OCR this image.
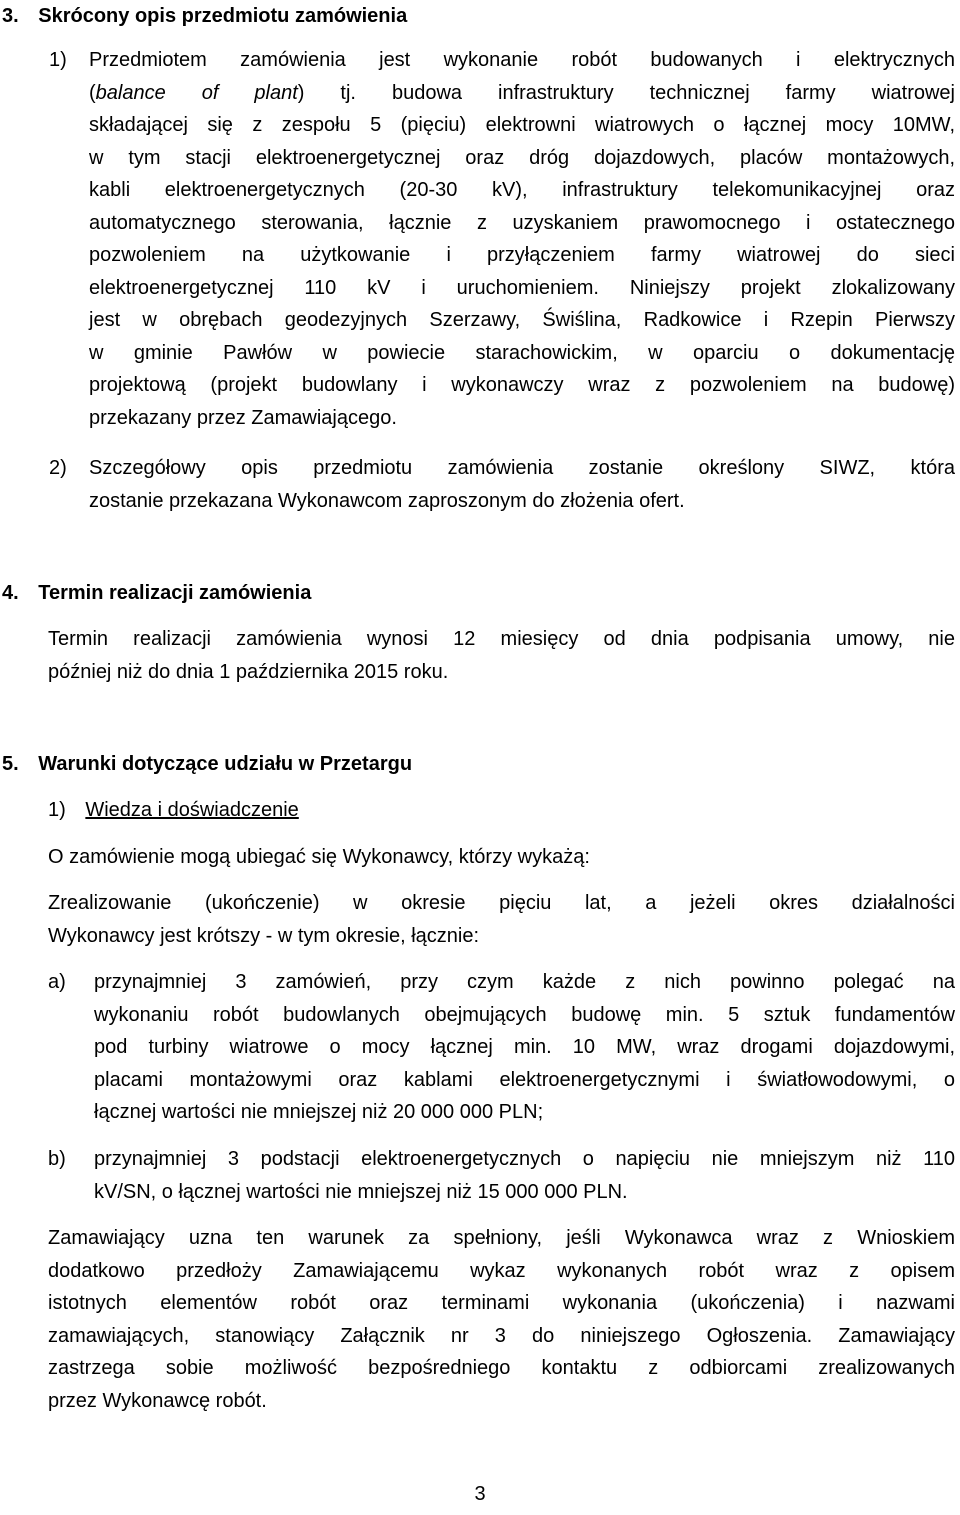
3. Skrócony opis przedmiotu zamówienia
1) Przedmiotem zamówienia jest wykonanie robót budowanych i elektrycznych
(balance of plant) tj. budowa infrastruktury technicznej farmy wiatrowej
składającej się z zespołu 5 (pięciu) elektrowni wiatrowych o łącznej mocy 10MW,
w tym stacji elektroenergetycznej oraz dróg dojazdowych, placów montażowych,
kabli elektroenergetycznych (20-30 kV), infrastruktury telekomunikacyjnej oraz
automatycznego sterowania, łącznie z uzyskaniem prawomocnego i ostatecznego
pozwoleniem na użytkowanie i przyłączeniem farmy wiatrowej do sieci
elektroenergetycznej 110 kV i uruchomieniem. Niniejszy projekt zlokalizowany
jest w obrębach geodezyjnych Szerzawy, Świślina, Radkowice i Rzepin Pierwszy
w gminie Pawłów w powiecie starachowickim, w oparciu o dokumentację
projektową (projekt budowlany i wykonawczy wraz z pozwoleniem na budowę)
przekazany przez Zamawiającego.
2) Szczegółowy opis przedmiotu zamówienia zostanie określony SIWZ, która
zostanie przekazana Wykonawcom zaproszonym do złożenia ofert.
4. Termin realizacji zamówienia
Termin realizacji zamówienia wynosi 12 miesięcy od dnia podpisania umowy, nie
później niż do dnia 1 października 2015 roku.
5. Warunki dotyczące udziału w Przetargu
1) Wiedza i doświadczenie
O zamówienie mogą ubiegać się Wykonawcy, którzy wykażą:
Zrealizowanie (ukończenie) w okresie pięciu lat, a jeżeli okres działalności
Wykonawcy jest krótszy - w tym okresie, łącznie:
a) przynajmniej 3 zamówień, przy czym każde z nich powinno polegać na
wykonaniu robót budowlanych obejmujących budowę min. 5 sztuk fundamentów
pod turbiny wiatrowe o mocy łącznej min. 10 MW, wraz drogami dojazdowymi,
placami montażowymi oraz kablami elektroenergetycznymi i światłowodowymi, o
łącznej wartości nie mniejszej niż 20 000 000 PLN;
b) przynajmniej 3 podstacji elektroenergetycznych o napięciu nie mniejszym niż 110
kV/SN, o łącznej wartości nie mniejszej niż 15 000 000 PLN.
Zamawiający uzna ten warunek za spełniony, jeśli Wykonawca wraz z Wnioskiem
dodatkowo przedłoży Zamawiającemu wykaz wykonanych robót wraz z opisem
istotnych elementów robót oraz terminami wykonania (ukończenia) i nazwami
zamawiających, stanowiący Załącznik nr 3 do niniejszego Ogłoszenia. Zamawiający
zastrzega sobie możliwość bezpośredniego kontaktu z odbiorcami zrealizowanych
przez Wykonawcę robót.
3
